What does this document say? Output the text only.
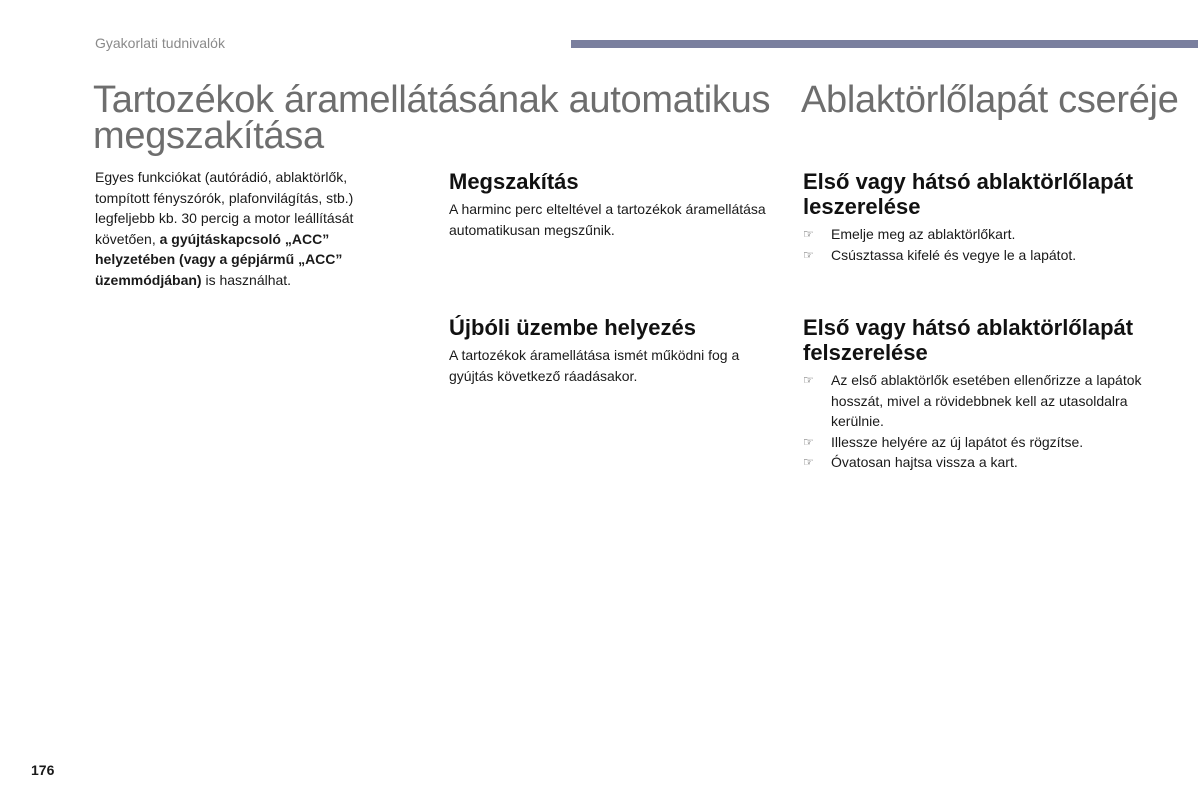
Gyakorlati tudnivalók
Tartozékok áramellátásának automatikus megszakítása
Ablaktörlőlapát cseréje

Egyes funkciókat (autórádió, ablaktörlők, tompított fényszórók, plafonvilágítás, stb.) legfeljebb kb. 30 percig a motor leállítását követően, a gyújtáskapcsoló „ACC” helyzetében (vagy a gépjármű „ACC” üzemmódjában) is használhat.

Megszakítás

A harminc perc elteltével a tartozékok áramellátása automatikusan megszűnik.

Újbóli üzembe helyezés

A tartozékok áramellátása ismét működni fog a gyújtás következő ráadásakor.

Első vagy hátsó ablaktörlőlapát leszerelése
☞ Emelje meg az ablaktörlőkart.
☞ Csúsztassa kifelé és vegye le a lapátot.
Első vagy hátsó ablaktörlőlapát felszerelése
☞ Az első ablaktörlők esetében ellenőrizze a lapátok hosszát, mivel a rövidebbnek kell az utasoldalra kerülnie.
☞ Illessze helyére az új lapátot és rögzítse.
☞ Óvatosan hajtsa vissza a kart.
176
